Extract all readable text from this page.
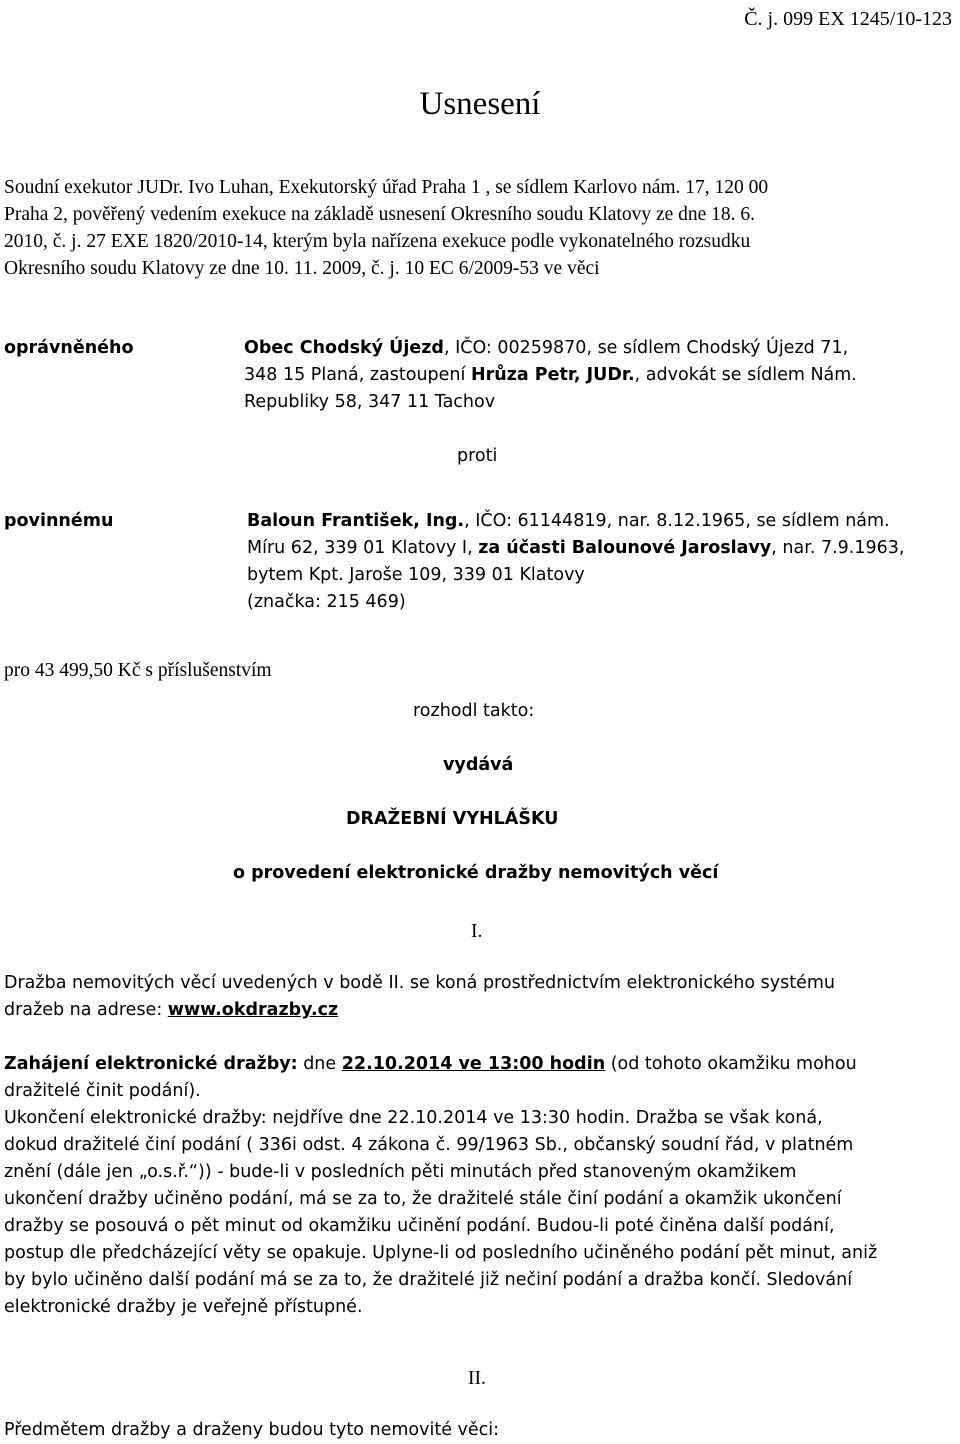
Č. j. 099 EX 1245/10-123
Usnesení
Soudní exekutor JUDr. Ivo Luhan, Exekutorský úřad Praha 1 , se sídlem Karlovo nám. 17, 120 00
Praha 2, pověřený vedením exekuce na základě usnesení Okresního soudu Klatovy ze dne 18. 6.
2010, č. j. 27 EXE 1820/2010-14, kterým byla nařízena exekuce podle vykonatelného rozsudku
Okresního soudu Klatovy ze dne 10. 11. 2009, č. j. 10 EC 6/2009-53 ve věci
oprávněného	Obec Chodský Újezd, IČO: 00259870, se sídlem Chodský Újezd 71,
348 15 Planá, zastoupení Hrůza Petr, JUDr., advokát se sídlem Nám.
Republiky 58, 347 11 Tachov
proti
povinnému	Baloun František, Ing., IČO: 61144819, nar. 8.12.1965, se sídlem nám.
Míru 62, 339 01 Klatovy I, za účasti Balounové Jaroslavy, nar. 7.9.1963,
bytem Kpt. Jaroše 109, 339 01 Klatovy
(značka: 215 469)
pro 43 499,50 Kč s příslušenstvím
rozhodl takto:
vydává
DRAŽEBNÍ VYHLÁŠKU
o provedení elektronické dražby nemovitých věcí
I.
Dražba nemovitých věcí uvedených v bodě II. se koná prostřednictvím elektronického systému
dražeb na adrese: www.okdrazby.cz
Zahájení elektronické dražby: dne 22.10.2014 ve 13:00 hodin (od tohoto okamžiku mohou
dražitelé činit podání).
Ukončení elektronické dražby: nejdříve dne 22.10.2014 ve 13:30 hodin. Dražba se však koná,
dokud dražitelé činí podání ( 336i odst. 4 zákona č. 99/1963 Sb., občanský soudní řád, v platném
znění (dále jen „o.s.ř.“)) - bude-li v posledních pěti minutách před stanoveným okamžikem
ukončení dražby učiněno podání, má se za to, že dražitelé stále činí podání a okamžik ukončení
dražby se posouvá o pět minut od okamžiku učinění podání. Budou-li poté činěna další podání,
postup dle předcházející věty se opakuje. Uplyne-li od posledního učiněného podání pět minut, aniž
by bylo učiněno další podání má se za to, že dražitelé již nečiní podání a dražba končí. Sledování
elektronické dražby je veřejně přístupné.
II.
Předmětem dražby a draženy budou tyto nemovité věci:
